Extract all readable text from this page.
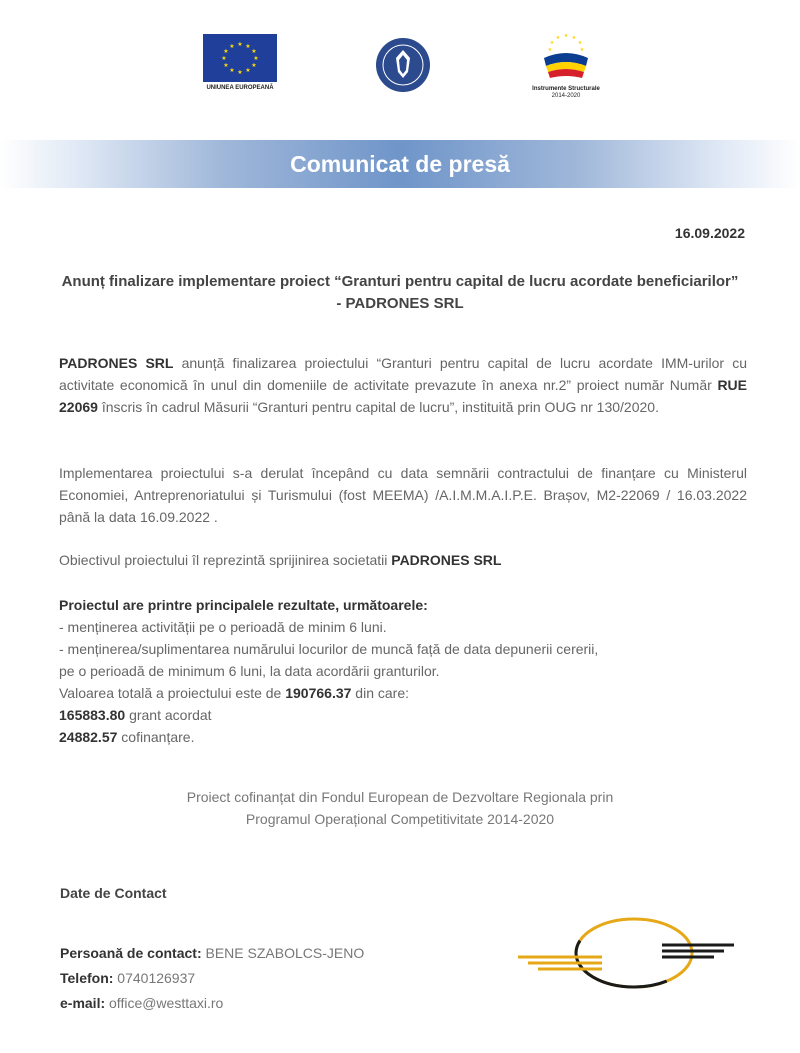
★ ★
★
★
★
★
★
★
★
★
★
★
UNIUNEA EUROPEANĂ
★ ★
★
★
★
★
★
Instrumente Structurale
2014-2020
Comunicat de presă
16.09.2022
Anunț finalizare implementare proiect “Granturi pentru capital de lucru acordate beneficiarilor” - PADRONES SRL
PADRONES SRL anunță finalizarea proiectului “Granturi pentru capital de lucru acordate IMM-urilor cu activitate economică în unul din domeniile de activitate prevazute în anexa nr.2” proiect număr Număr RUE 22069 înscris în cadrul Măsurii “Granturi pentru capital de lucru”, instituită prin OUG nr 130/2020.
Implementarea proiectului s-a derulat începând cu data semnării contractului de finanțare cu Ministerul Economiei, Antreprenoriatului și Turismului (fost MEEMA) /A.I.M.M.A.I.P.E. Brașov, M2-22069 / 16.03.2022 până la data 16.09.2022 .
Obiectivul proiectului îl reprezintă sprijinirea societatii PADRONES SRL
Proiectul are printre principalele rezultate, următoarele:
- menținerea activității pe o perioadă de minim 6 luni.
- menținerea/suplimentarea numărului locurilor de muncă față de data depunerii cererii,
pe o perioadă de minimum 6 luni, la data acordării granturilor.
Valoarea totală a proiectului este de 190766.37 din care:
165883.80 grant acordat
24882.57 cofinanțare.
Proiect cofinanțat din Fondul European de Dezvoltare Regionala prin
Programul Operațional Competitivitate 2014-2020
Date de Contact
Persoană de contact: BENE SZABOLCS-JENO
Telefon: 0740126937
e-mail: office@westtaxi.ro
